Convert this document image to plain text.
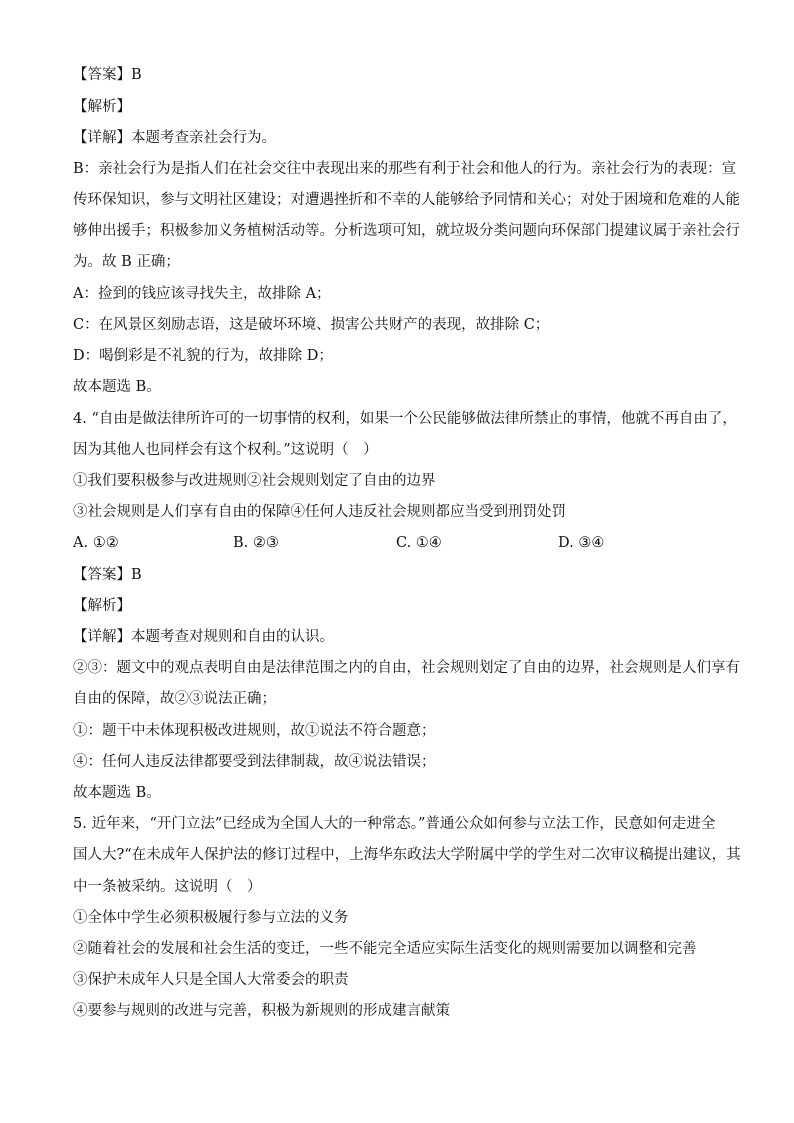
【答案】B
【解析】
【详解】本题考查亲社会行为。
B：亲社会行为是指人们在社会交往中表现出来的那些有利于社会和他人的行为。亲社会行为的表现：宣
传环保知识，参与文明社区建设；对遭遇挫折和不幸的人能够给予同情和关心；对处于困境和危难的人能
够伸出援手；积极参加义务植树活动等。分析选项可知，就垃圾分类问题向环保部门提建议属于亲社会行
为。故 B 正确；
A：捡到的钱应该寻找失主，故排除 A；
C：在风景区刻励志语，这是破坏环境、损害公共财产的表现，故排除 C；
D：喝倒彩是不礼貌的行为，故排除 D；
故本题选 B。
4. “自由是做法律所许可的一切事情的权利，如果一个公民能够做法律所禁止的事情，他就不再自由了，
因为其他人也同样会有这个权利。”这说明（　）
①我们要积极参与改进规则②社会规则划定了自由的边界
③社会规则是人们享有自由的保障④任何人违反社会规则都应当受到刑罚处罚
A. ①②	B. ②③	C. ①④	D. ③④
【答案】B
【解析】
【详解】本题考查对规则和自由的认识。
②③：题文中的观点表明自由是法律范围之内的自由，社会规则划定了自由的边界，社会规则是人们享有
自由的保障，故②③说法正确；
①：题干中未体现积极改进规则，故①说法不符合题意；
④：任何人违反法律都要受到法律制裁，故④说法错误；
故本题选 B。
5. 近年来，“开门立法”已经成为全国人大的一种常态。”普通公众如何参与立法工作，民意如何走进全
国人大?“在未成年人保护法的修订过程中，上海华东政法大学附属中学的学生对二次审议稿提出建议，其
中一条被采纳。这说明（　）
①全体中学生必须积极履行参与立法的义务
②随着社会的发展和社会生活的变迁，一些不能完全适应实际生活变化的规则需要加以调整和完善
③保护未成年人只是全国人大常委会的职责
④要参与规则的改进与完善，积极为新规则的形成建言献策
